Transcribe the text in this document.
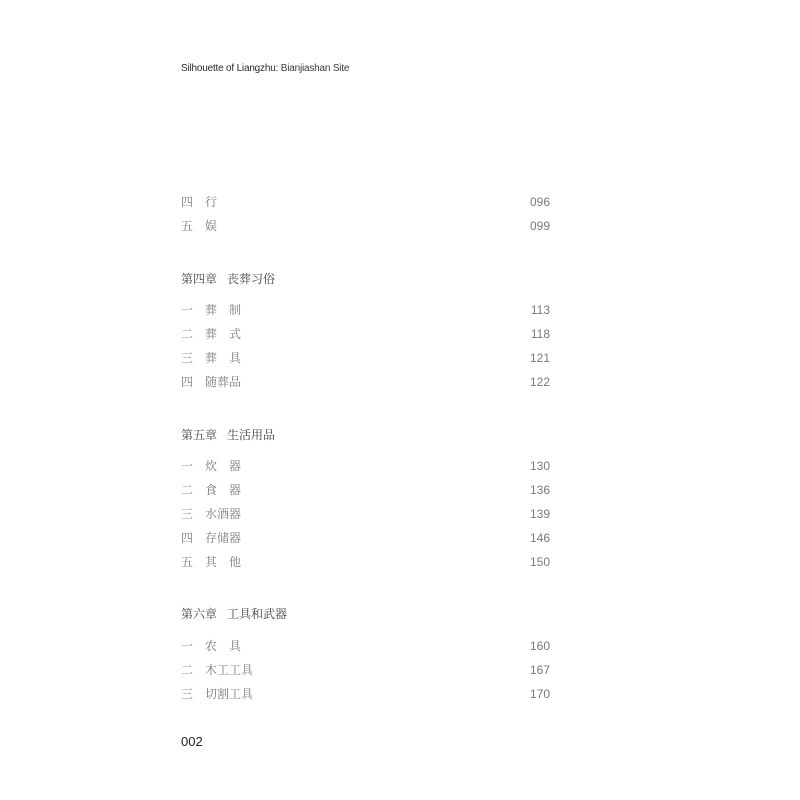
Silhouette of Liangzhu: Bianjiashan Site
四 行	096
五 娱	099
第四章 丧葬习俗
一 葬　制	113
二 葬　式	118
三 葬　具	121
四 随葬品	122
第五章 生活用品
一 炊　器	130
二 食　器	136
三 水酒器	139
四 存储器	146
五 其　他	150
第六章 工具和武器
一 农　具	160
二 木工工具	167
三 切割工具	170
002
